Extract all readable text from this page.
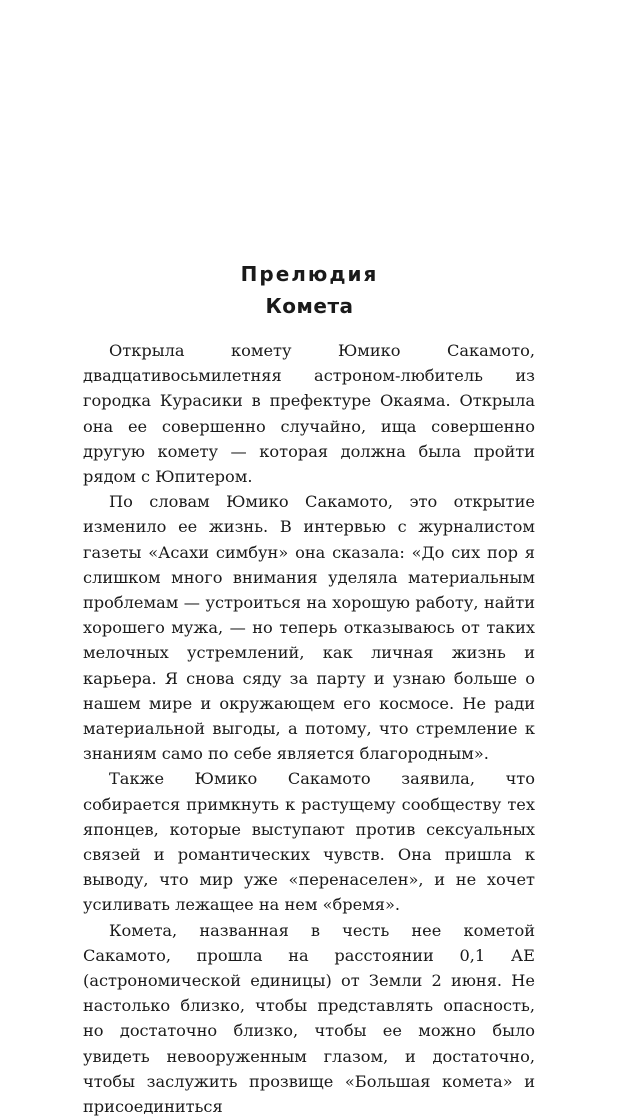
Прелюдия
Комета

Открыла комету Юмико Сакамото, двадцативосьмилетняя астроном-любитель из городка Курасики в префектуре Окаяма. Открыла она ее совершенно случайно, ища совершенно другую комету — которая должна была пройти рядом с Юпитером.

По словам Юмико Сакамото, это открытие изменило ее жизнь. В интервью с журналистом газеты «Асахи симбун» она сказала: «До сих пор я слишком много внимания уделяла материальным проблемам — устроиться на хорошую работу, найти хорошего мужа, — но теперь отказываюсь от таких мелочных устремлений, как личная жизнь и карьера. Я снова сяду за парту и узнаю больше о нашем мире и окружающем его космосе. Не ради материальной выгоды, а потому, что стремление к знаниям само по себе является благородным».

Также Юмико Сакамото заявила, что собирается примкнуть к растущему сообществу тех японцев, которые выступают против сексуальных связей и романтических чувств. Она пришла к выводу, что мир уже «перенаселен», и не хочет усиливать лежащее на нем «бремя».

Комета, названная в честь нее кометой Сакамото, прошла на расстоянии 0,1 АЕ (астрономической единицы) от Земли 2 июня. Не настолько близко, чтобы представлять опасность, но достаточно близко, чтобы ее можно было увидеть невооруженным глазом, и достаточно, чтобы заслужить прозвище «Большая комета» и присоединиться
